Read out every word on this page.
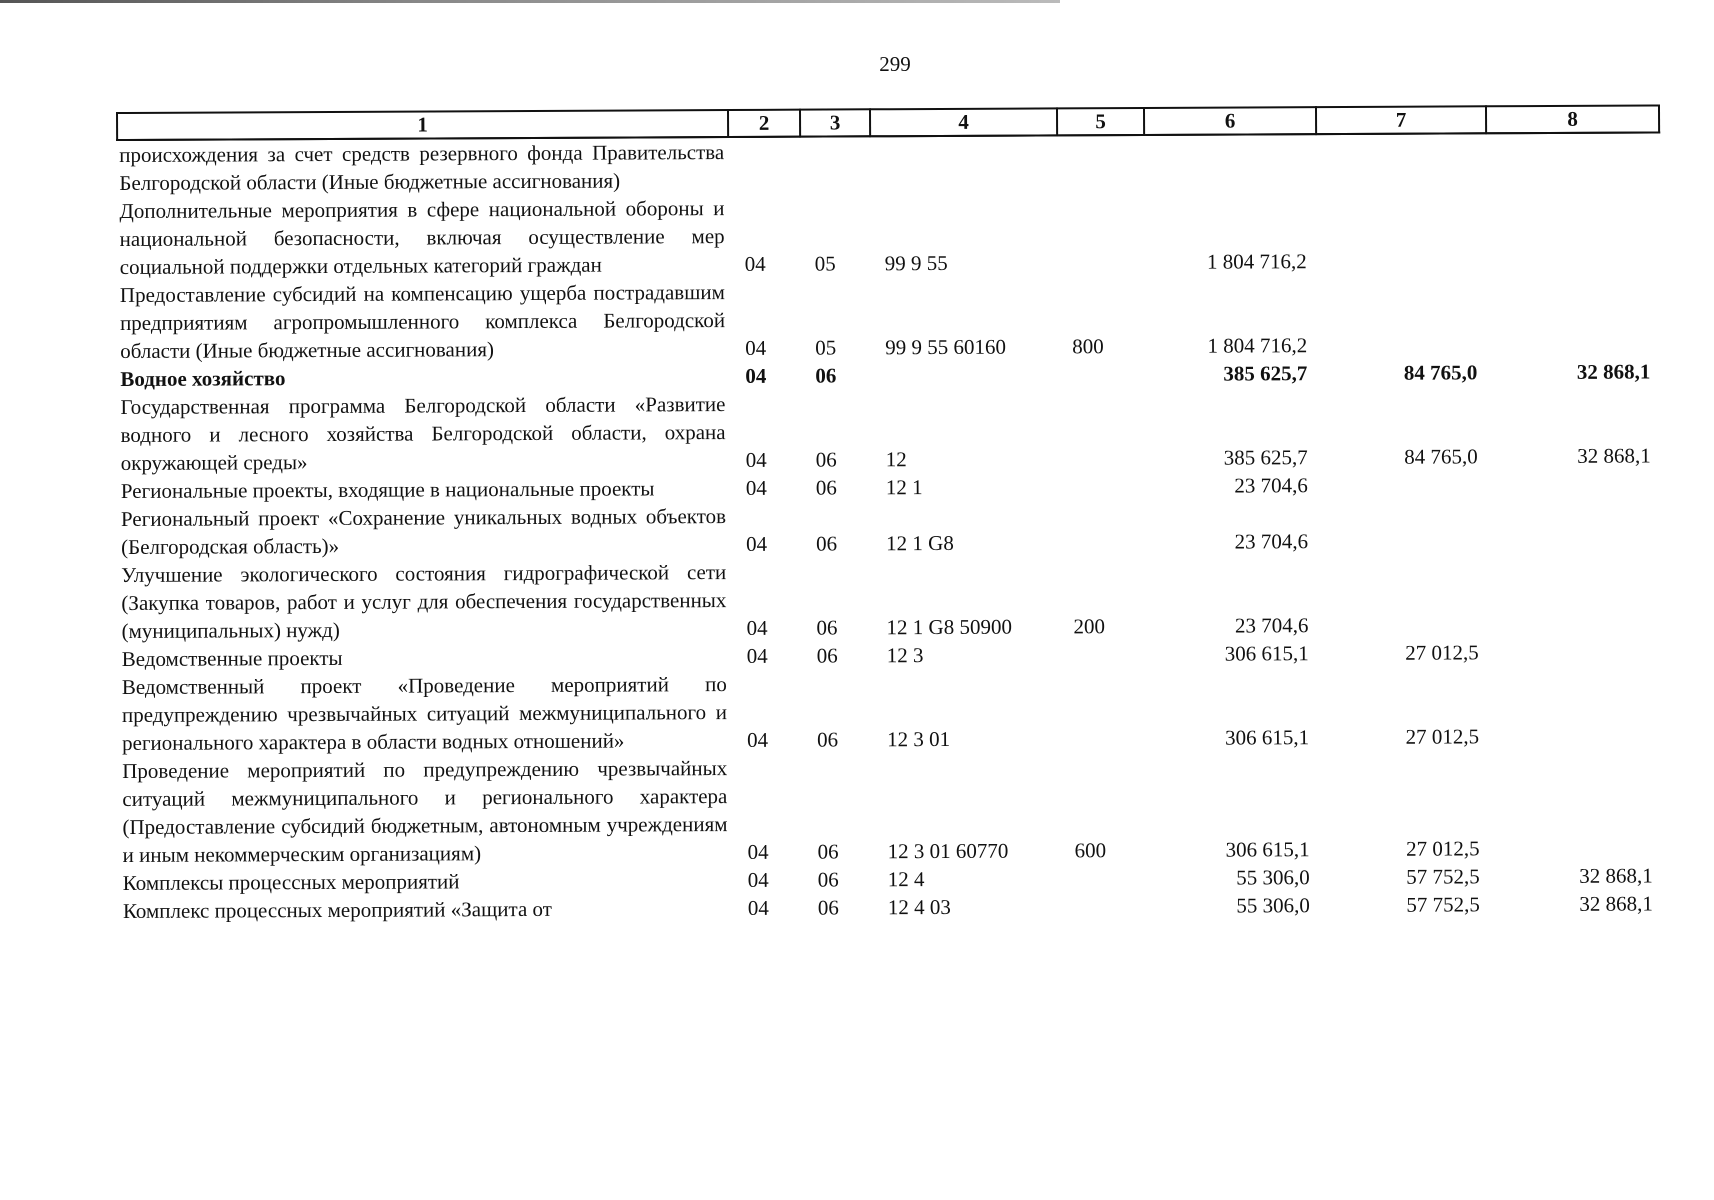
299
1	2	3	4	5	6	7	8
происхождения за счет средств резервного фонда Правительства Белгородской области (Иные бюджетные ассигнования)							
Дополнительные мероприятия в сфере национальной обороны и национальной безопасности, включая осуществление мер социальной поддержки отдельных категорий граждан	04	05	99 9 55		1 804 716,2		
Предоставление субсидий на компенсацию ущерба пострадавшим предприятиям агропромышленного комплекса Белгородской области (Иные бюджетные ассигнования)	04	05	99 9 55 60160	800	1 804 716,2		
Водное хозяйство	04	06			385 625,7	84 765,0	32 868,1
Государственная программа Белгородской области «Развитие водного и лесного хозяйства Белгородской области, охрана окружающей среды»	04	06	12		385 625,7	84 765,0	32 868,1
Региональные проекты, входящие в национальные проекты	04	06	12 1		23 704,6		
Региональный проект «Сохранение уникальных водных объектов (Белгородская область)»	04	06	12 1 G8		23 704,6		
Улучшение экологического состояния гидрографической сети (Закупка товаров, работ и услуг для обеспечения государственных (муниципальных) нужд)	04	06	12 1 G8 50900	200	23 704,6		
Ведомственные проекты	04	06	12 3		306 615,1	27 012,5	
Ведомственный проект «Проведение мероприятий по предупреждению чрезвычайных ситуаций межмуниципального и регионального характера в области водных отношений»	04	06	12 3 01		306 615,1	27 012,5	
Проведение мероприятий по предупреждению чрезвычайных ситуаций межмуниципального и регионального характера (Предоставление субсидий бюджетным, автономным учреждениям и иным некоммерческим организациям)	04	06	12 3 01 60770	600	306 615,1	27 012,5	
Комплексы процессных мероприятий	04	06	12 4		55 306,0	57 752,5	32 868,1
Комплекс процессных мероприятий «Защита от	04	06	12 4 03		55 306,0	57 752,5	32 868,1
